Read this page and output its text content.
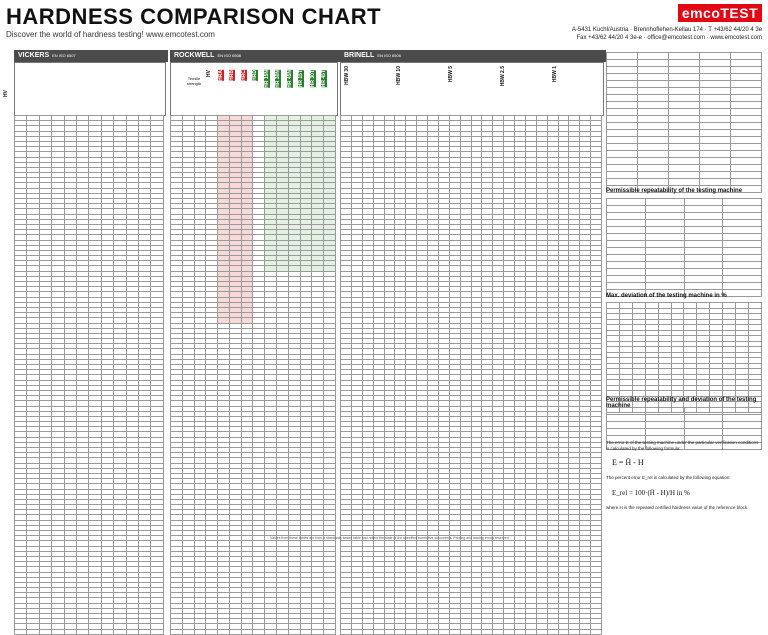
HARDNESS COMPARISON CHART
Discover the world of hardness testing! www.emcotest.com
emcoTEST
A-5431 Kuchl/Austria · Brennhoflehen-Kellau 174 · T +43/62 44/20 4 3e
Fax +43/62 44/20 4 3e-e · office@emcotest.com · www.emcotest.com
VICKERS EN ISO 6507	ROCKWELL EN ISO 6508	BRINELL EN ISO 6506
HV
Tensile strength
HV HRA HRB HRC HRD HR 15N HR 30N HR 45N HR 15T HR 30T HR 45T	HBW 30	HBW 10	HBW 5	HBW 2.5	HBW 1

Permissible repeatability of the testing machine

Max. deviation of the testing machine in %

Permissible repeatability and deviation of the testing machine

The error E of the testing machine under the particular verification conditions is calculated by the following formula:
E = H̄ - H
The percent error E_rel is calculated by the following equation:
E_rel = 100·(H̄ - H)/H in %
where H is the repeated certified hardness value of the reference block.
Values from these tables are from a standards-based table and reflect the state of the specified normative documents. Printing and issuing errors reserved.
